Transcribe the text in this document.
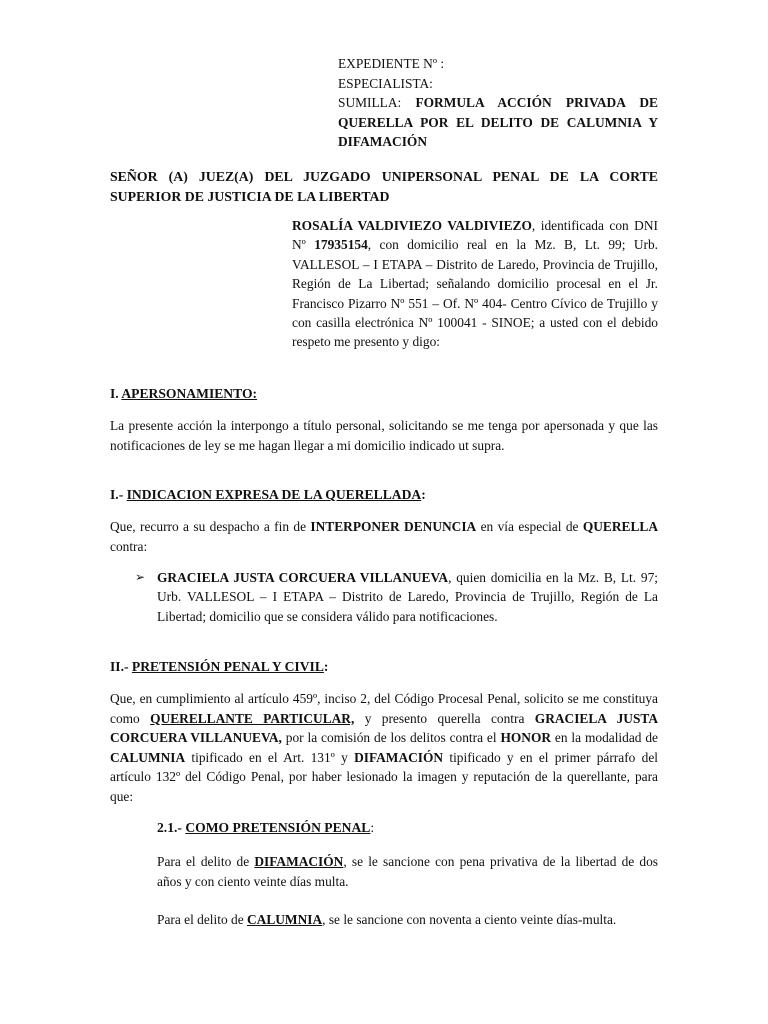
EXPEDIENTE Nº :
ESPECIALISTA:
SUMILLA: FORMULA ACCIÓN PRIVADA DE QUERELLA POR EL DELITO DE CALUMNIA Y DIFAMACIÓN
SEÑOR (A) JUEZ(A) DEL JUZGADO UNIPERSONAL PENAL DE LA CORTE SUPERIOR DE JUSTICIA DE LA LIBERTAD
ROSALÍA VALDIVIEZO VALDIVIEZO, identificada con DNI Nº 17935154, con domicilio real en la Mz. B, Lt. 99; Urb. VALLESOL – I ETAPA – Distrito de Laredo, Provincia de Trujillo, Región de La Libertad; señalando domicilio procesal en el Jr. Francisco Pizarro Nº 551 – Of. Nº 404- Centro Cívico de Trujillo y con casilla electrónica Nº 100041 - SINOE; a usted con el debido respeto me presento y digo:
I. APERSONAMIENTO:
La presente acción la interpongo a título personal, solicitando se me tenga por apersonada y que las notificaciones de ley se me hagan llegar a mi domicilio indicado ut supra.
I.- INDICACION EXPRESA DE LA QUERELLADA:
Que, recurro a su despacho a fin de INTERPONER DENUNCIA en vía especial de QUERELLA contra:
➢ GRACIELA JUSTA CORCUERA VILLANUEVA, quien domicilia en la Mz. B, Lt. 97; Urb. VALLESOL – I ETAPA – Distrito de Laredo, Provincia de Trujillo, Región de La Libertad; domicilio que se considera válido para notificaciones.
II.- PRETENSIÓN PENAL Y CIVIL:
Que, en cumplimiento al artículo 459º, inciso 2, del Código Procesal Penal, solicito se me constituya como QUERELLANTE PARTICULAR, y presento querella contra GRACIELA JUSTA CORCUERA VILLANUEVA, por la comisión de los delitos contra el HONOR en la modalidad de CALUMNIA tipificado en el Art. 131º y DIFAMACIÓN tipificado y en el primer párrafo del artículo 132º del Código Penal, por haber lesionado la imagen y reputación de la querellante, para que:
2.1.- COMO PRETENSIÓN PENAL:
Para el delito de DIFAMACIÓN, se le sancione con pena privativa de la libertad de dos años y con ciento veinte días multa.
Para el delito de CALUMNIA, se le sancione con noventa a ciento veinte días-multa.
